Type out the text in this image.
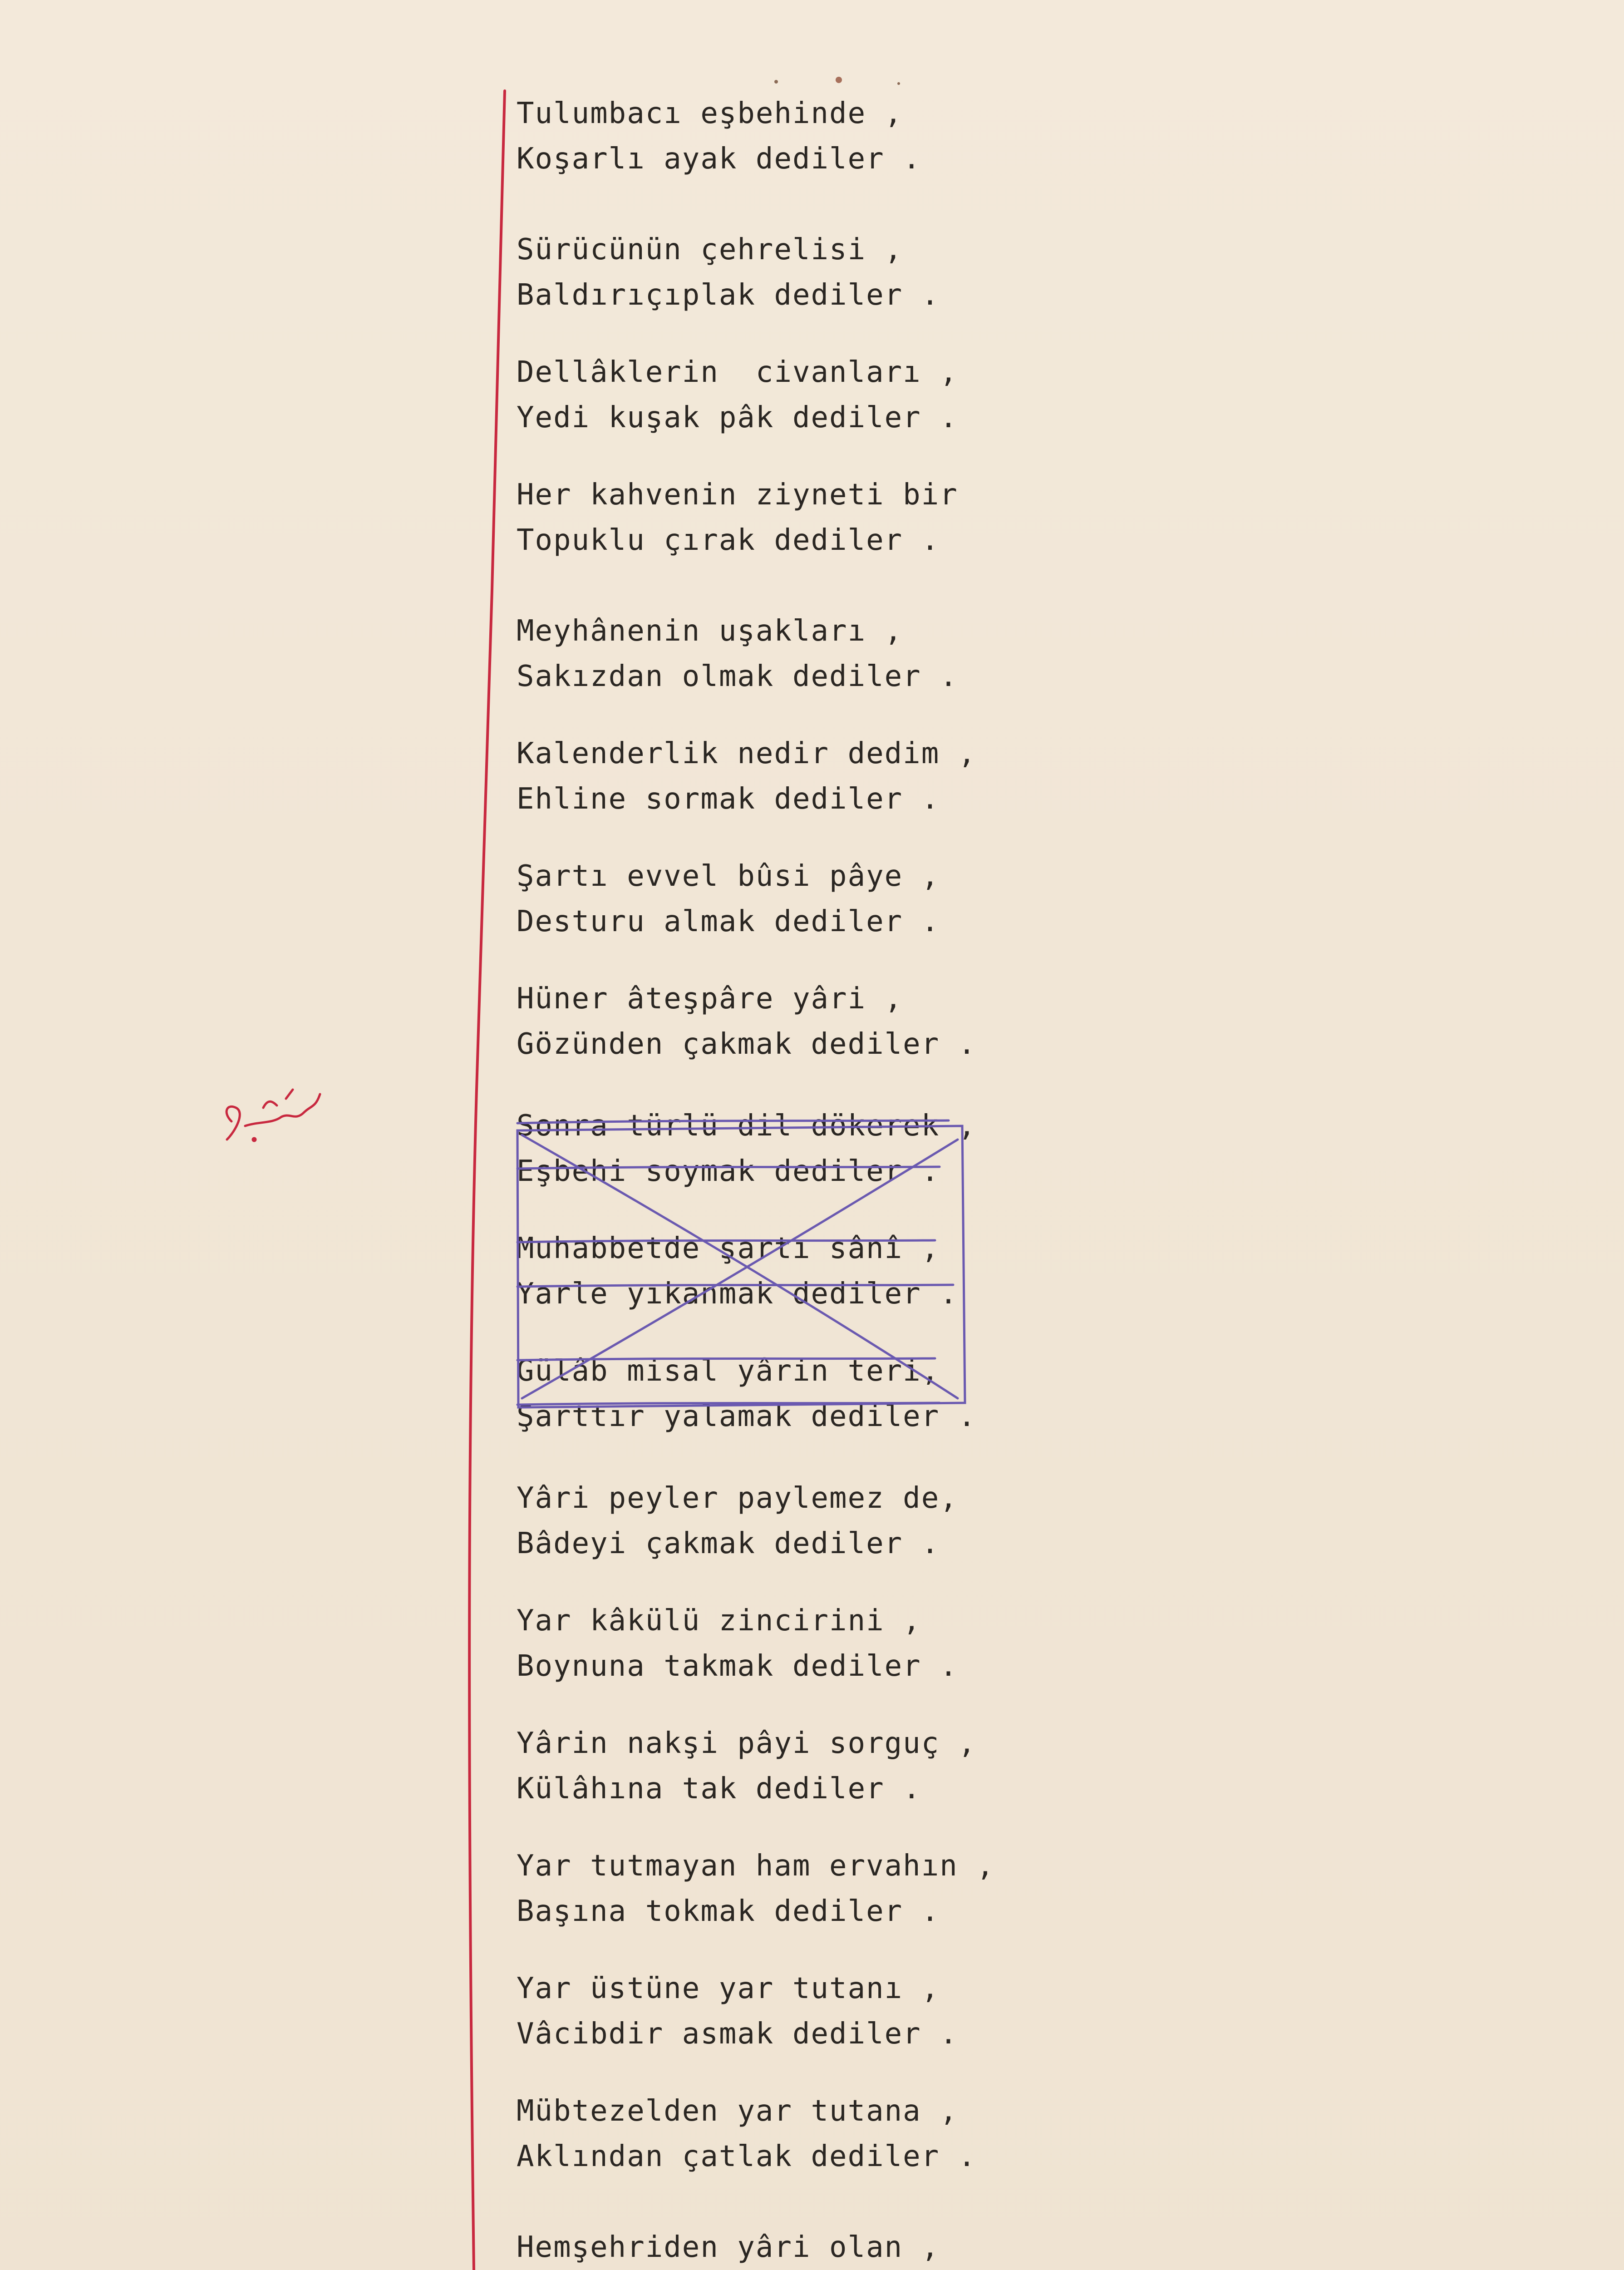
Tulumbacı eşbehinde ,
Koşarlı ayak dediler .
Sürücünün çehrelisi ,
Baldırıçıplak dediler .
Dellâklerin  civanları ,
Yedi kuşak pâk dediler .
Her kahvenin ziyneti bir
Topuklu çırak dediler .
Meyhânenin uşakları ,
Sakızdan olmak dediler .
Kalenderlik nedir dedim ,
Ehline sormak dediler .
Şartı evvel bûsi pâye ,
Desturu almak dediler .
Hüner âteşpâre yâri ,
Gözünden çakmak dediler .
Sonra türlü dil dökerek ,
Eşbehi soymak dediler .
Muhabbetde şartı sânî ,
Yarle yıkanmak dediler .
Gülâb misal yârin teri,
Şarttır yalamak dediler .
Yâri peyler paylemez de,
Bâdeyi çakmak dediler .
Yar kâkülü zincirini ,
Boynuna takmak dediler .
Yârin nakşi pâyi sorguç ,
Külâhına tak dediler .
Yar tutmayan ham ervahın ,
Başına tokmak dediler .
Yar üstüne yar tutanı ,
Vâcibdir asmak dediler .
Mübtezelden yar tutana ,
Aklından çatlak dediler .
Hemşehriden yâri olan ,
